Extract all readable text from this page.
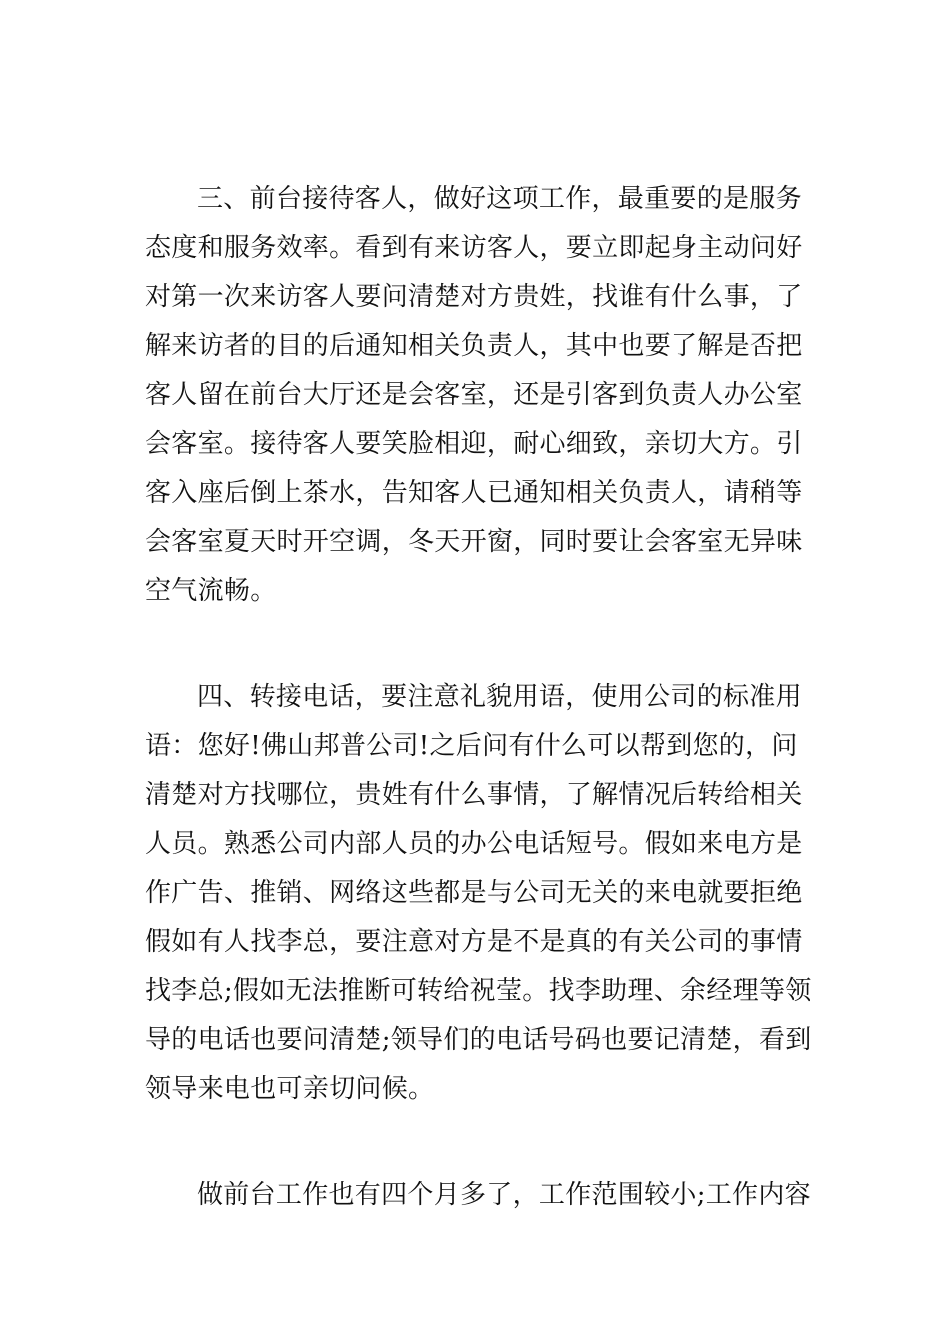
三、前台接待客人，做好这项工作，最重要的是服务
态度和服务效率。看到有来访客人，要立即起身主动问好
对第一次来访客人要问清楚对方贵姓，找谁有什么事，了
解来访者的目的后通知相关负责人，其中也要了解是否把
客人留在前台大厅还是会客室，还是引客到负责人办公室
会客室。接待客人要笑脸相迎，耐心细致，亲切大方。引
客入座后倒上茶水，告知客人已通知相关负责人，请稍等
会客室夏天时开空调，冬天开窗，同时要让会客室无异味
空气流畅。
四、转接电话，要注意礼貌用语，使用公司的标准用
语：您好!佛山邦普公司!之后问有什么可以帮到您的，问
清楚对方找哪位，贵姓有什么事情，了解情况后转给相关
人员。熟悉公司内部人员的办公电话短号。假如来电方是
作广告、推销、网络这些都是与公司无关的来电就要拒绝
假如有人找李总，要注意对方是不是真的有关公司的事情
找李总;假如无法推断可转给祝莹。找李助理、余经理等领
导的电话也要问清楚;领导们的电话号码也要记清楚，看到
领导来电也可亲切问候。
做前台工作也有四个月多了，工作范围较小;工作内容
